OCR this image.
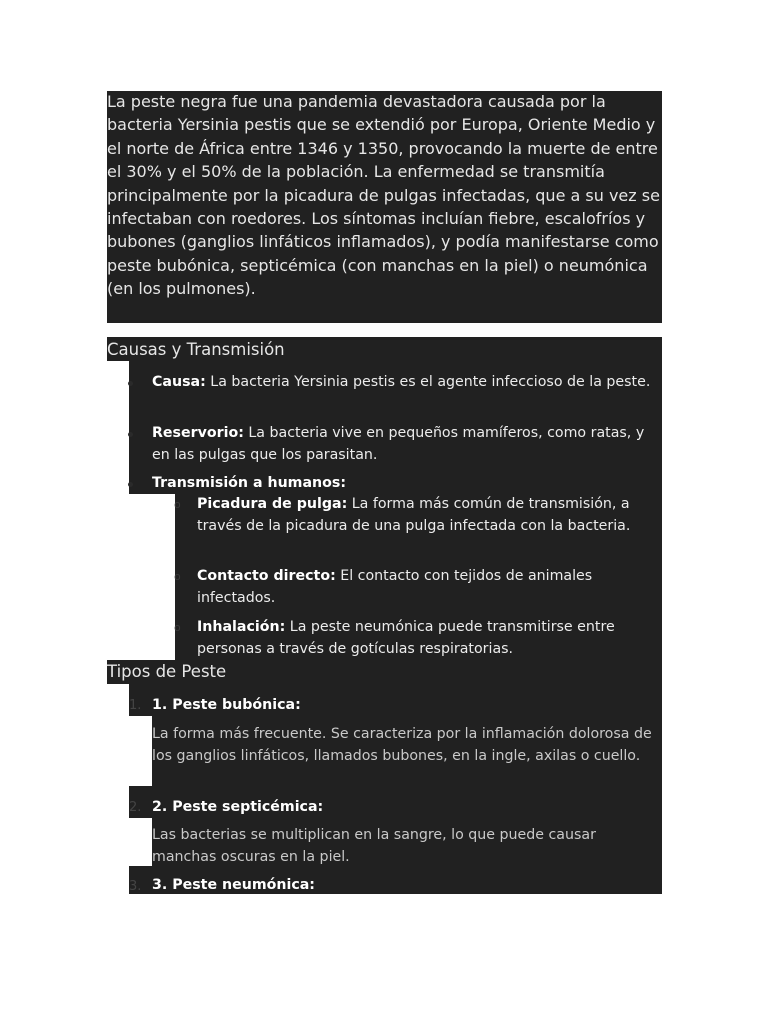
La peste negra fue una pandemia devastadora causada por la bacteria Yersinia pestis que se extendió por Europa, Oriente Medio y el norte de África entre 1346 y 1350, provocando la muerte de entre el 30% y el 50% de la población. La enfermedad se transmitía principalmente por la picadura de pulgas infectadas, que a su vez se infectaban con roedores. Los síntomas incluían fiebre, escalofríos y bubones (ganglios linfáticos inflamados), y podía manifestarse como peste bubónica, septicémica (con manchas en la piel) o neumónica (en los pulmones).

Causas y Transmisión

Causa: La bacteria Yersinia pestis es el agente infeccioso de la peste.

Reservorio: La bacteria vive en pequeños mamíferos, como ratas, y en las pulgas que los parasitan.

Transmisión a humanos:

o Picadura de pulga: La forma más común de transmisión, a través de la picadura de una pulga infectada con la bacteria.

o Contacto directo: El contacto con tejidos de animales infectados.

o Inhalación: La peste neumónica puede transmitirse entre personas a través de gotículas respiratorias.

Tipos de Peste
1. 1. Peste bubónica:

La forma más frecuente. Se caracteriza por la inflamación dolorosa de los ganglios linfáticos, llamados bubones, en la ingle, axilas o cuello.

2. 2. Peste septicémica:

Las bacterias se multiplican en la sangre, lo que puede causar manchas oscuras en la piel.

3. 3. Peste neumónica:
